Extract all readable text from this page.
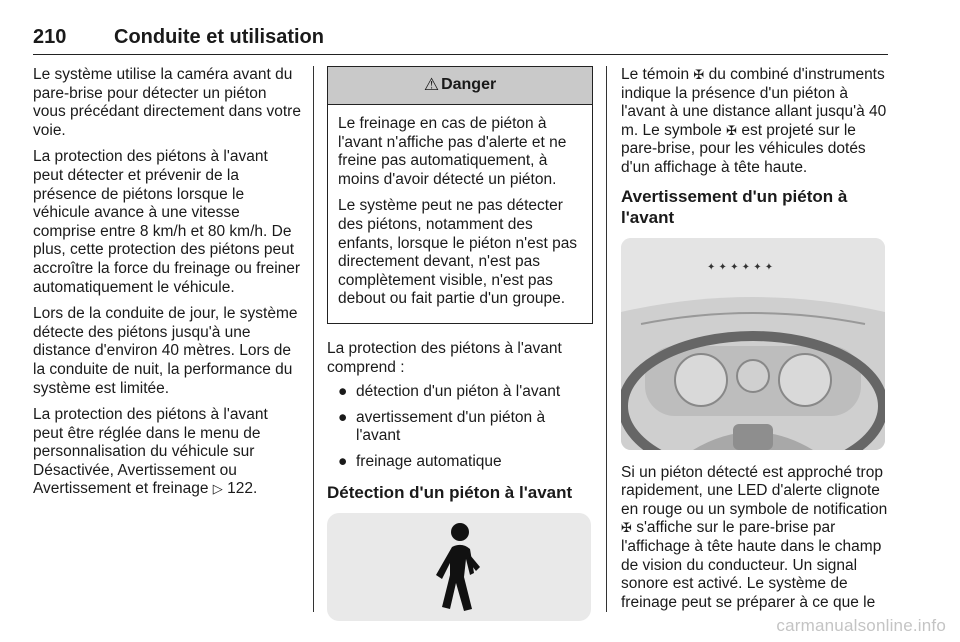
210 Conduite et utilisation

Le système utilise la caméra avant du pare-brise pour détecter un piéton vous précédant directement dans votre voie.

La protection des piétons à l'avant peut détecter et prévenir de la présence de piétons lorsque le véhicule avance à une vitesse comprise entre 8 km/h et 80 km/h. De plus, cette protection des piétons peut accroître la force du freinage ou freiner automatiquement le véhicule.

Lors de la conduite de jour, le système détecte des piétons jusqu'à une distance d'environ 40 mètres. Lors de la conduite de nuit, la performance du système est limitée.

La protection des piétons à l'avant peut être réglée dans le menu de personnalisation du véhicule sur Désactivée, Avertissement ou Avertissement et freinage ▷ 122.

⚠ Danger

Le freinage en cas de piéton à l'avant n'affiche pas d'alerte et ne freine pas automatiquement, à moins d'avoir détecté un piéton.

Le système peut ne pas détecter des piétons, notamment des enfants, lorsque le piéton n'est pas directement devant, n'est pas complètement visible, n'est pas debout ou fait partie d'un groupe.

La protection des piétons à l'avant comprend :

● détection d'un piéton à l'avant
● avertissement d'un piéton à l'avant
● freinage automatique
Détection d'un piéton à l'avant

Le témoin ✠ du combiné d'instruments indique la présence d'un piéton à l'avant à une distance allant jusqu'à 40 m. Le symbole ✠ est projeté sur le pare-brise, pour les véhicules dotés d'un affichage à tête haute.

Avertissement d'un piéton à l'avant
✦ ✦ ✦ ✦ ✦ ✦

Si un piéton détecté est approché trop rapidement, une LED d'alerte clignote en rouge ou un symbole de notification ✠ s'affiche sur le pare-brise par l'affichage à tête haute dans le champ de vision du conducteur. Un signal sonore est activé. Le système de freinage peut se préparer à ce que le

carmanualsonline.info
